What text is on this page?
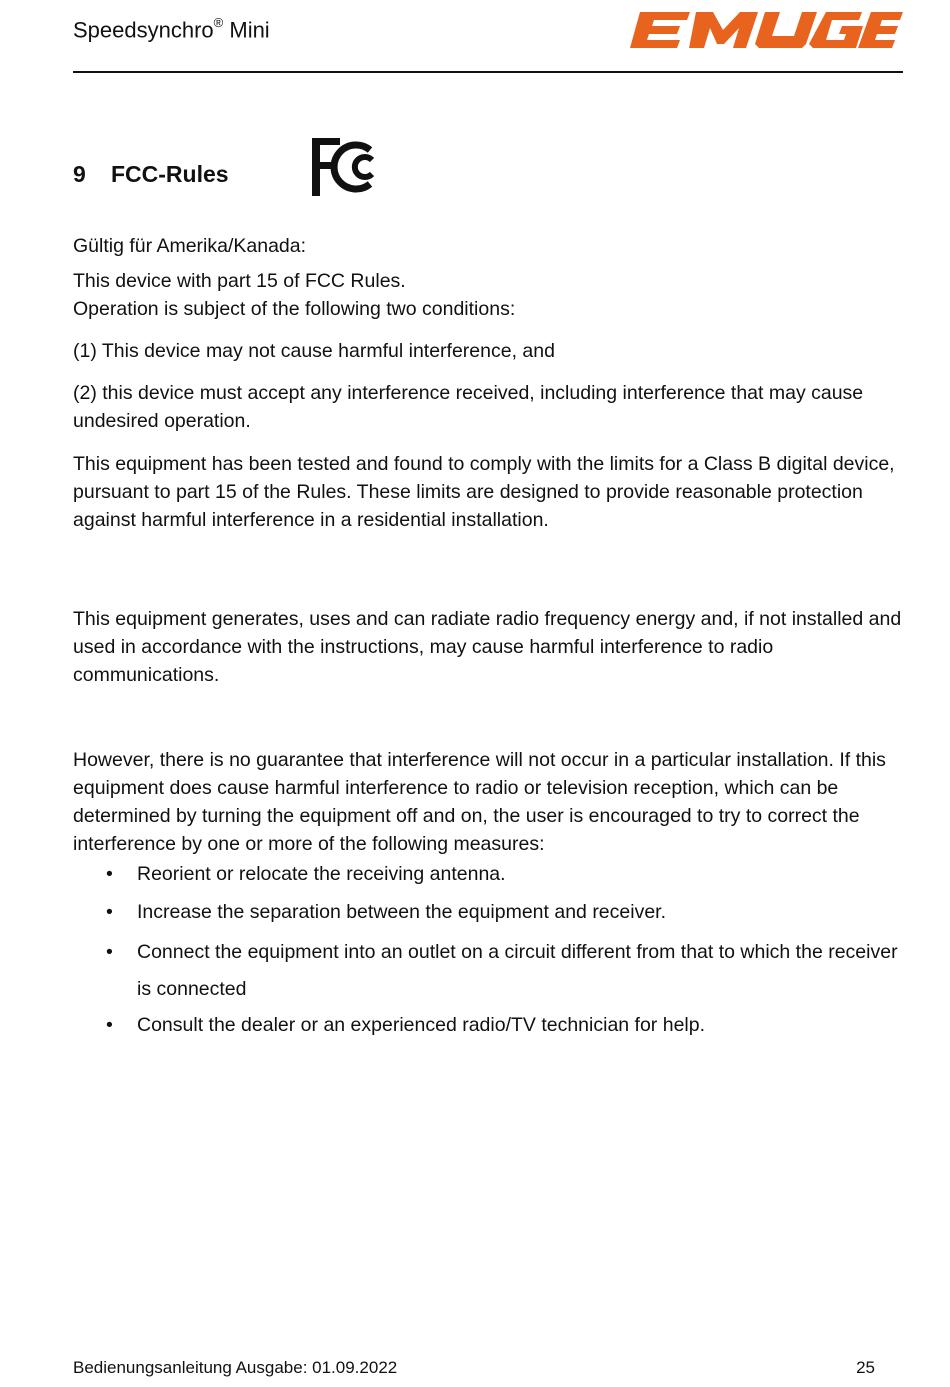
Speedsynchro® Mini
9 FCC-Rules

Gültig für Amerika/Kanada:

This device with part 15 of FCC Rules.

Operation is subject of the following two conditions:

(1) This device may not cause harmful interference, and

(2) this device must accept any interference received, including interference that may cause undesired operation.

This equipment has been tested and found to comply with the limits for a Class B digital device, pursuant to part 15 of the Rules. These limits are designed to provide reasonable protection against harmful interference in a residential installation.

This equipment generates, uses and can radiate radio frequency energy and, if not installed and used in accordance with the instructions, may cause harmful interference to radio communications.

However, there is no guarantee that interference will not occur in a particular installation. If this equipment does cause harmful interference to radio or television reception, which can be determined by turning the equipment off and on, the user is encouraged to try to correct the interference by one or more of the following measures:

• Reorient or relocate the receiving antenna.
• Increase the separation between the equipment and receiver.
• Connect the equipment into an outlet on a circuit different from that to which the receiver is connected
• Consult the dealer or an experienced radio/TV technician for help.
Bedienungsanleitung Ausgabe: 01.09.2022	25
